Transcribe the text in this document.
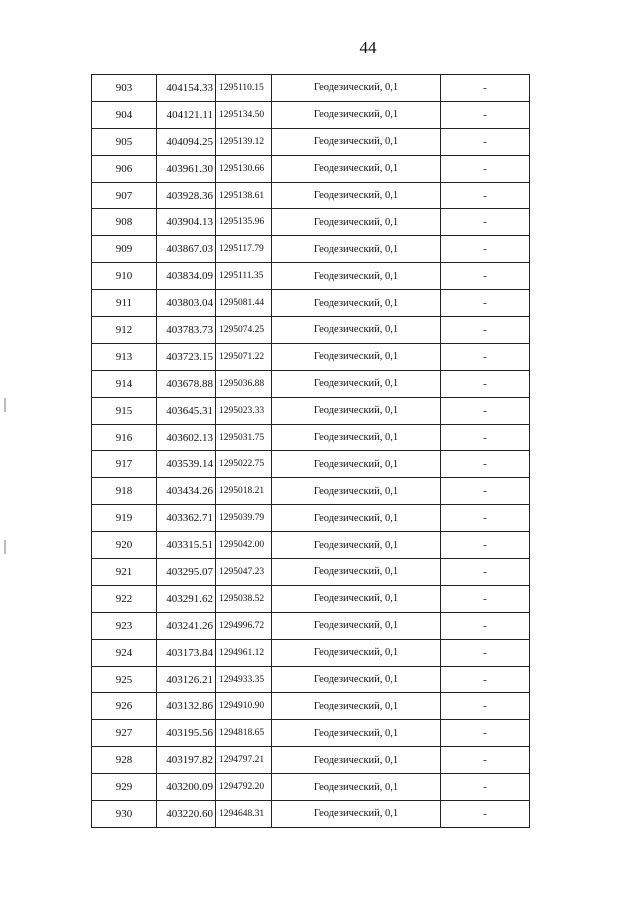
44
903	404154.33	1295110.15	Геодезический, 0,1	-
904	404121.11	1295134.50	Геодезический, 0,1	-
905	404094.25	1295139.12	Геодезический, 0,1	-
906	403961.30	1295130.66	Геодезический, 0,1	-
907	403928.36	1295138.61	Геодезический, 0,1	-
908	403904.13	1295135.96	Геодезический, 0,1	-
909	403867.03	1295117.79	Геодезический, 0,1	-
910	403834.09	1295111.35	Геодезический, 0,1	-
911	403803.04	1295081.44	Геодезический, 0,1	-
912	403783.73	1295074.25	Геодезический, 0,1	-
913	403723.15	1295071.22	Геодезический, 0,1	-
914	403678.88	1295036.88	Геодезический, 0,1	-
915	403645.31	1295023.33	Геодезический, 0,1	-
916	403602.13	1295031.75	Геодезический, 0,1	-
917	403539.14	1295022.75	Геодезический, 0,1	-
918	403434.26	1295018.21	Геодезический, 0,1	-
919	403362.71	1295039.79	Геодезический, 0,1	-
920	403315.51	1295042.00	Геодезический, 0,1	-
921	403295.07	1295047.23	Геодезический, 0,1	-
922	403291.62	1295038.52	Геодезический, 0,1	-
923	403241.26	1294996.72	Геодезический, 0,1	-
924	403173.84	1294961.12	Геодезический, 0,1	-
925	403126.21	1294933.35	Геодезический, 0,1	-
926	403132.86	1294910.90	Геодезический, 0,1	-
927	403195.56	1294818.65	Геодезический, 0,1	-
928	403197.82	1294797.21	Геодезический, 0,1	-
929	403200.09	1294792.20	Геодезический, 0,1	-
930	403220.60	1294648.31	Геодезический, 0,1	-
